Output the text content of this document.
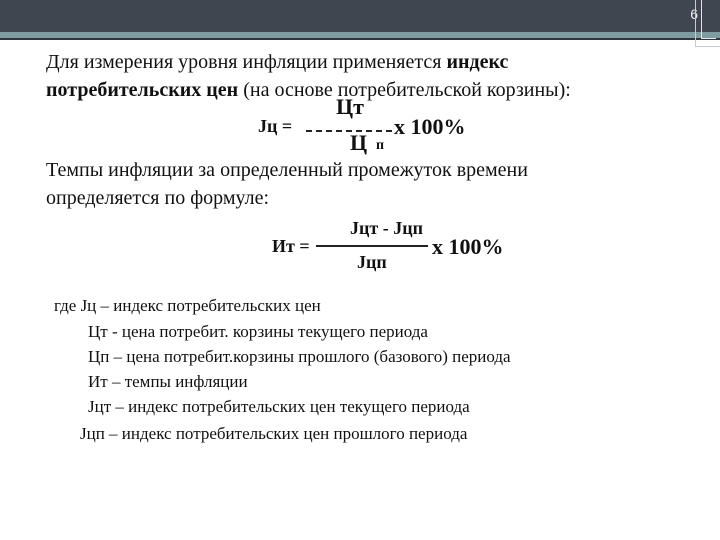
6
Для измерения уровня инфляции применяется индекс
потребительских цен (на основе потребительской корзины):
Jц =
Цт
Ц п
х 100%
Темпы инфляции за определенный промежуток времени
определяется по формуле:
Ит =
Jцт - Jцп
Jцп
х 100%
где Jц – индекс потребительских цен
Цт - цена потребит. корзины текущего периода
Цп – цена потребит.корзины прошлого (базового) периода
Ит – темпы инфляции
Jцт – индекс потребительских цен текущего периода
Jцп – индекс потребительских цен прошлого периода
